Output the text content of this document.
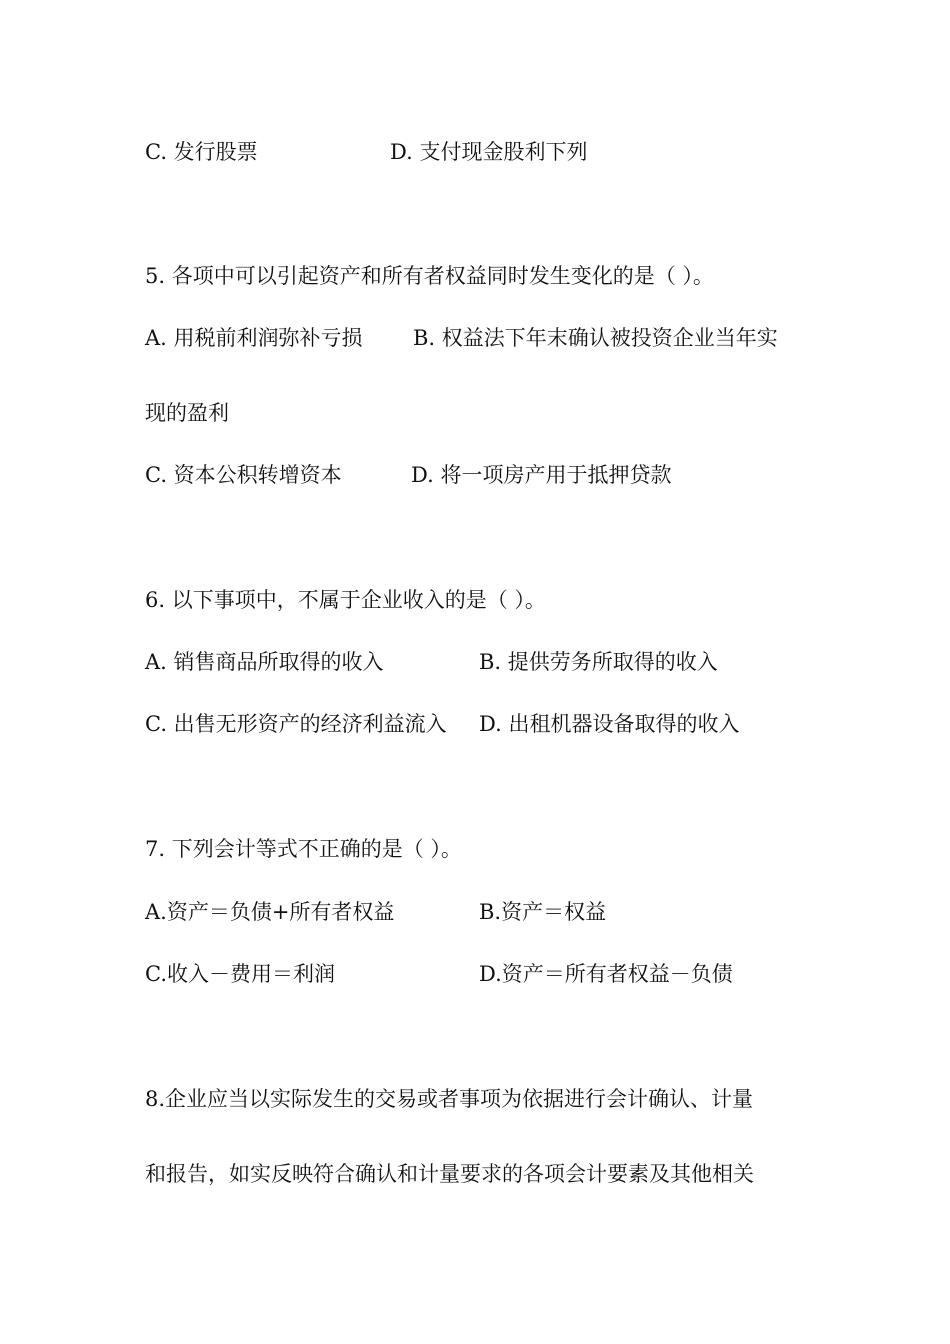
C. 发行股票	D. 支付现金股利下列
5. 各项中可以引起资产和所有者权益同时发生变化的是（ ）。
A. 用税前利润弥补亏损 B. 权益法下年末确认被投资企业当年实
现的盈利
C. 资本公积转增资本	D. 将一项房产用于抵押贷款
6. 以下事项中，不属于企业收入的是（ ）。
A. 销售商品所取得的收入	B. 提供劳务所取得的收入
C. 出售无形资产的经济利益流入 D. 出租机器设备取得的收入
7. 下列会计等式不正确的是（ ）。
A.资产＝负债+所有者权益	B.资产＝权益
C.收入－费用＝利润	D.资产＝所有者权益－负债
8.企业应当以实际发生的交易或者事项为依据进行会计确认、计量
和报告，如实反映符合确认和计量要求的各项会计要素及其他相关
